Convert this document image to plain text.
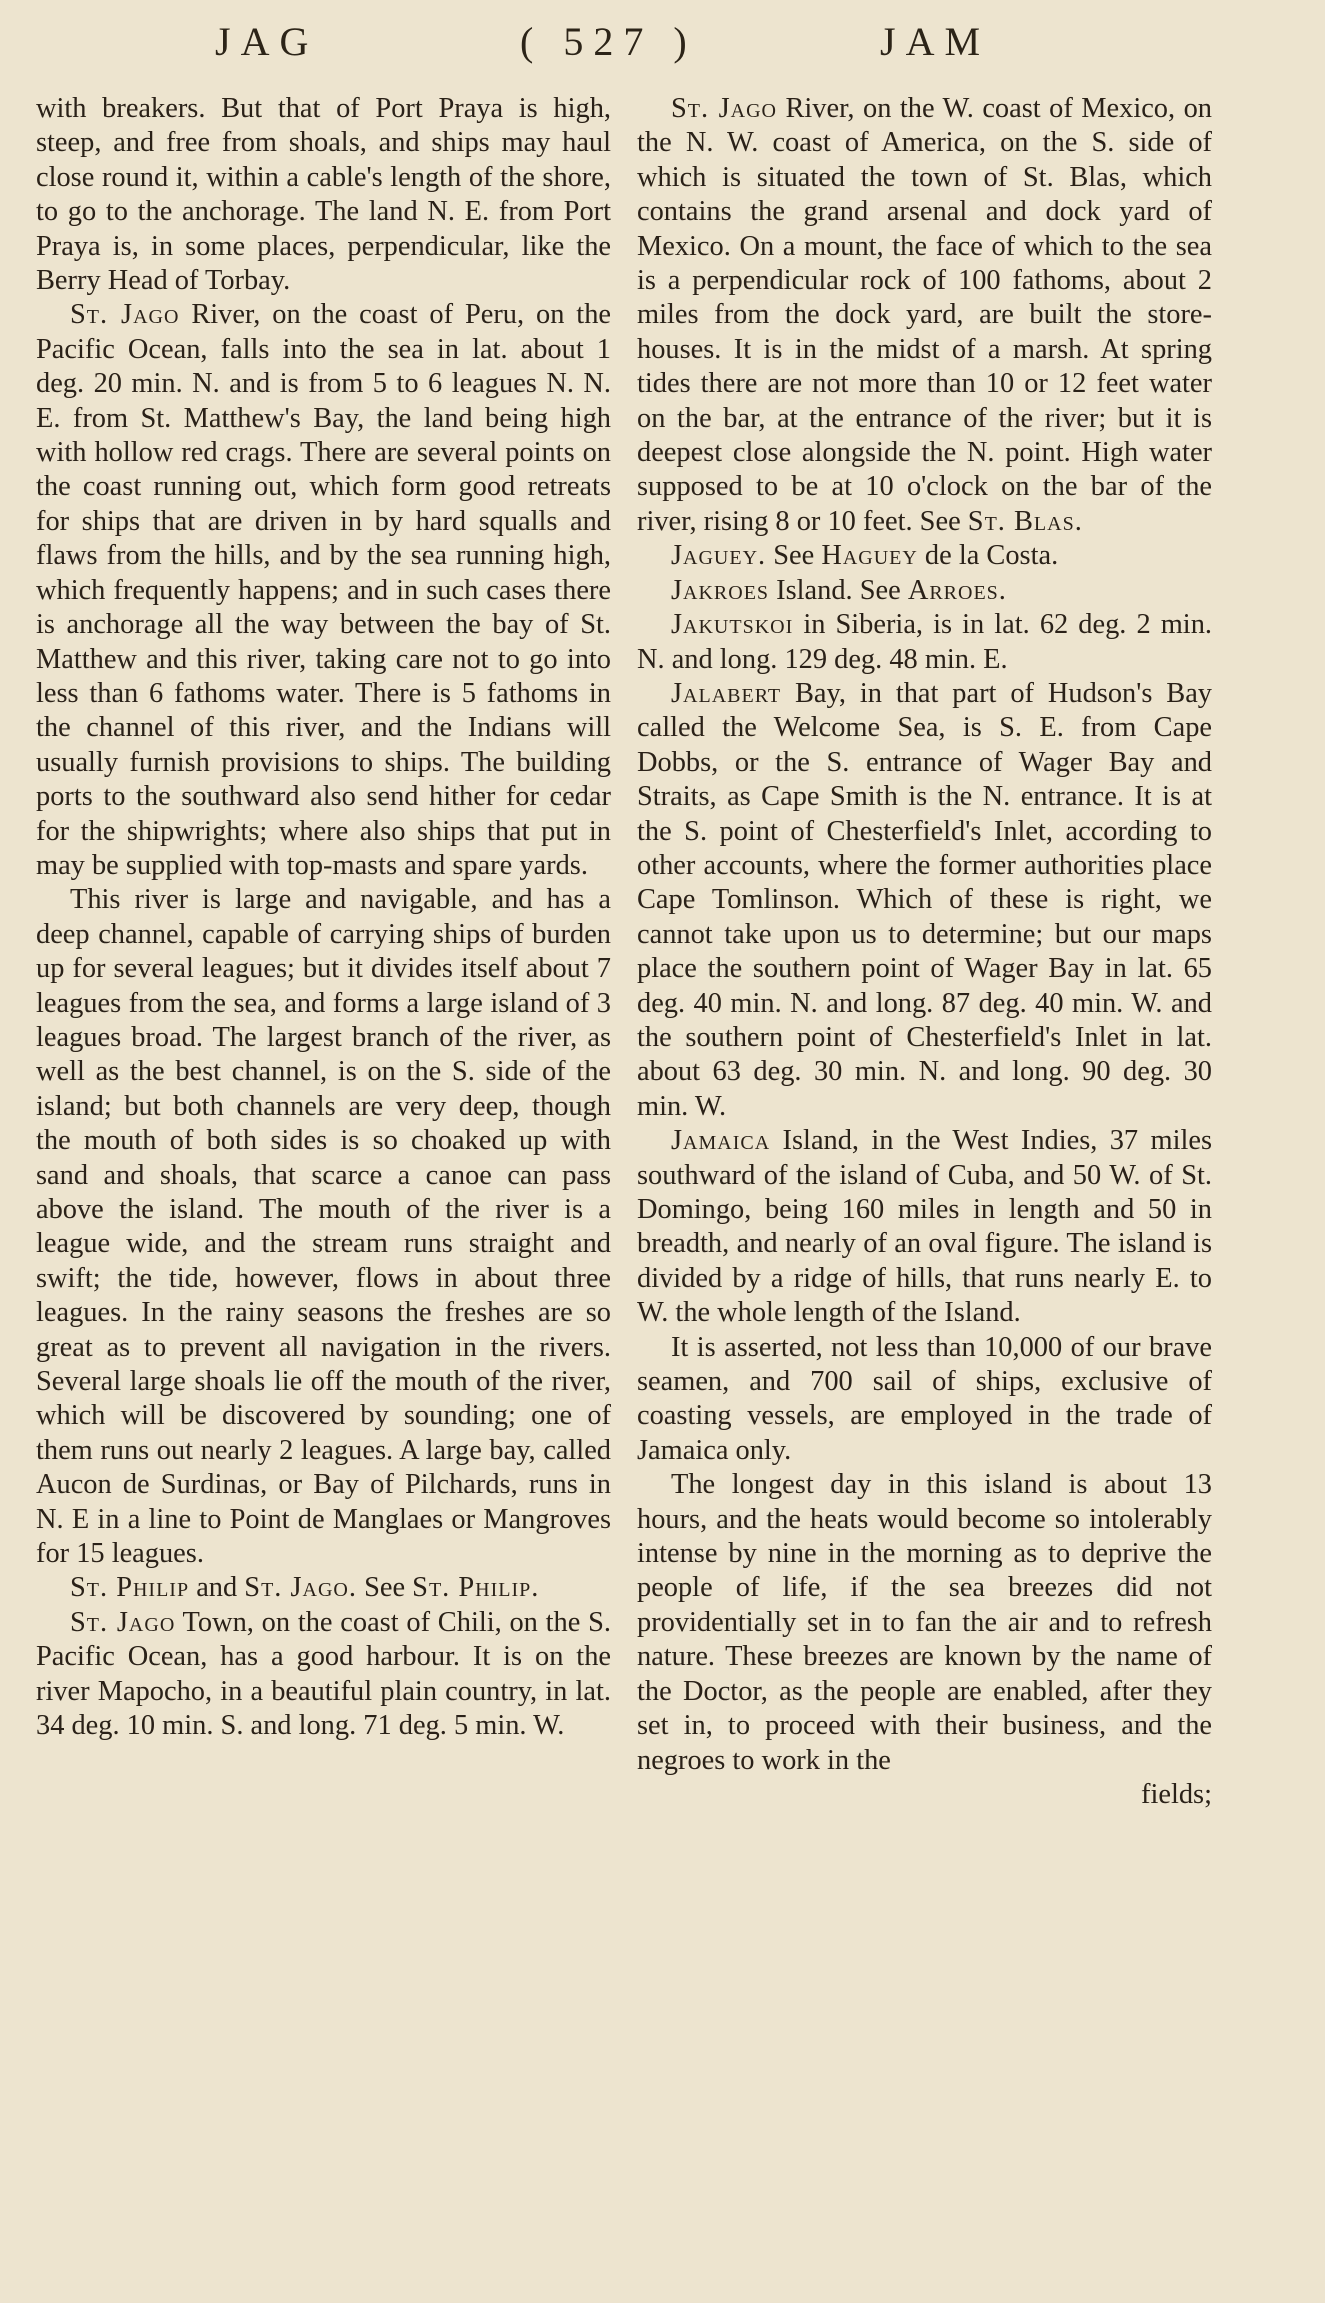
JAG	( 527 )	JAM

with breakers. But that of Port Praya is high, steep, and free from shoals, and ships may haul close round it, within a cable's length of the shore, to go to the anchorage. The land N. E. from Port Praya is, in some places, perpendicular, like the Berry Head of Torbay.

St. Jago River, on the coast of Peru, on the Pacific Ocean, falls into the sea in lat. about 1 deg. 20 min. N. and is from 5 to 6 leagues N. N. E. from St. Matthew's Bay, the land being high with hollow red crags. There are several points on the coast running out, which form good retreats for ships that are driven in by hard squalls and flaws from the hills, and by the sea running high, which frequently happens; and in such cases there is anchorage all the way between the bay of St. Matthew and this river, taking care not to go into less than 6 fathoms water. There is 5 fathoms in the channel of this river, and the Indians will usually furnish provisions to ships. The building ports to the southward also send hither for cedar for the shipwrights; where also ships that put in may be supplied with top-masts and spare yards.

This river is large and navigable, and has a deep channel, capable of carrying ships of burden up for several leagues; but it divides itself about 7 leagues from the sea, and forms a large island of 3 leagues broad. The largest branch of the river, as well as the best channel, is on the S. side of the island; but both channels are very deep, though the mouth of both sides is so choaked up with sand and shoals, that scarce a canoe can pass above the island. The mouth of the river is a league wide, and the stream runs straight and swift; the tide, however, flows in about three leagues. In the rainy seasons the freshes are so great as to prevent all navigation in the rivers. Several large shoals lie off the mouth of the river, which will be discovered by sounding; one of them runs out nearly 2 leagues. A large bay, called Aucon de Surdinas, or Bay of Pilchards, runs in N. E in a line to Point de Manglaes or Mangroves for 15 leagues.

St. Philip and St. Jago. See St. Philip.

St. Jago Town, on the coast of Chili, on the S. Pacific Ocean, has a good harbour. It is on the river Mapocho, in a beautiful plain country, in lat. 34 deg. 10 min. S. and long. 71 deg. 5 min. W.

St. Jago River, on the W. coast of Mexico, on the N. W. coast of America, on the S. side of which is situated the town of St. Blas, which contains the grand arsenal and dock yard of Mexico. On a mount, the face of which to the sea is a perpendicular rock of 100 fathoms, about 2 miles from the dock yard, are built the store-houses. It is in the midst of a marsh. At spring tides there are not more than 10 or 12 feet water on the bar, at the entrance of the river; but it is deepest close alongside the N. point. High water supposed to be at 10 o'clock on the bar of the river, rising 8 or 10 feet. See St. Blas.

Jaguey. See Haguey de la Costa.

Jakroes Island. See Arroes.

Jakutskoi in Siberia, is in lat. 62 deg. 2 min. N. and long. 129 deg. 48 min. E.

Jalabert Bay, in that part of Hudson's Bay called the Welcome Sea, is S. E. from Cape Dobbs, or the S. entrance of Wager Bay and Straits, as Cape Smith is the N. entrance. It is at the S. point of Chesterfield's Inlet, according to other accounts, where the former authorities place Cape Tomlinson. Which of these is right, we cannot take upon us to determine; but our maps place the southern point of Wager Bay in lat. 65 deg. 40 min. N. and long. 87 deg. 40 min. W. and the southern point of Chesterfield's Inlet in lat. about 63 deg. 30 min. N. and long. 90 deg. 30 min. W.

Jamaica Island, in the West Indies, 37 miles southward of the island of Cuba, and 50 W. of St. Domingo, being 160 miles in length and 50 in breadth, and nearly of an oval figure. The island is divided by a ridge of hills, that runs nearly E. to W. the whole length of the Island.

It is asserted, not less than 10,000 of our brave seamen, and 700 sail of ships, exclusive of coasting vessels, are employed in the trade of Jamaica only.

The longest day in this island is about 13 hours, and the heats would become so intolerably intense by nine in the morning as to deprive the people of life, if the sea breezes did not providentially set in to fan the air and to refresh nature. These breezes are known by the name of the Doctor, as the people are enabled, after they set in, to proceed with their business, and the negroes to work in the

fields;
